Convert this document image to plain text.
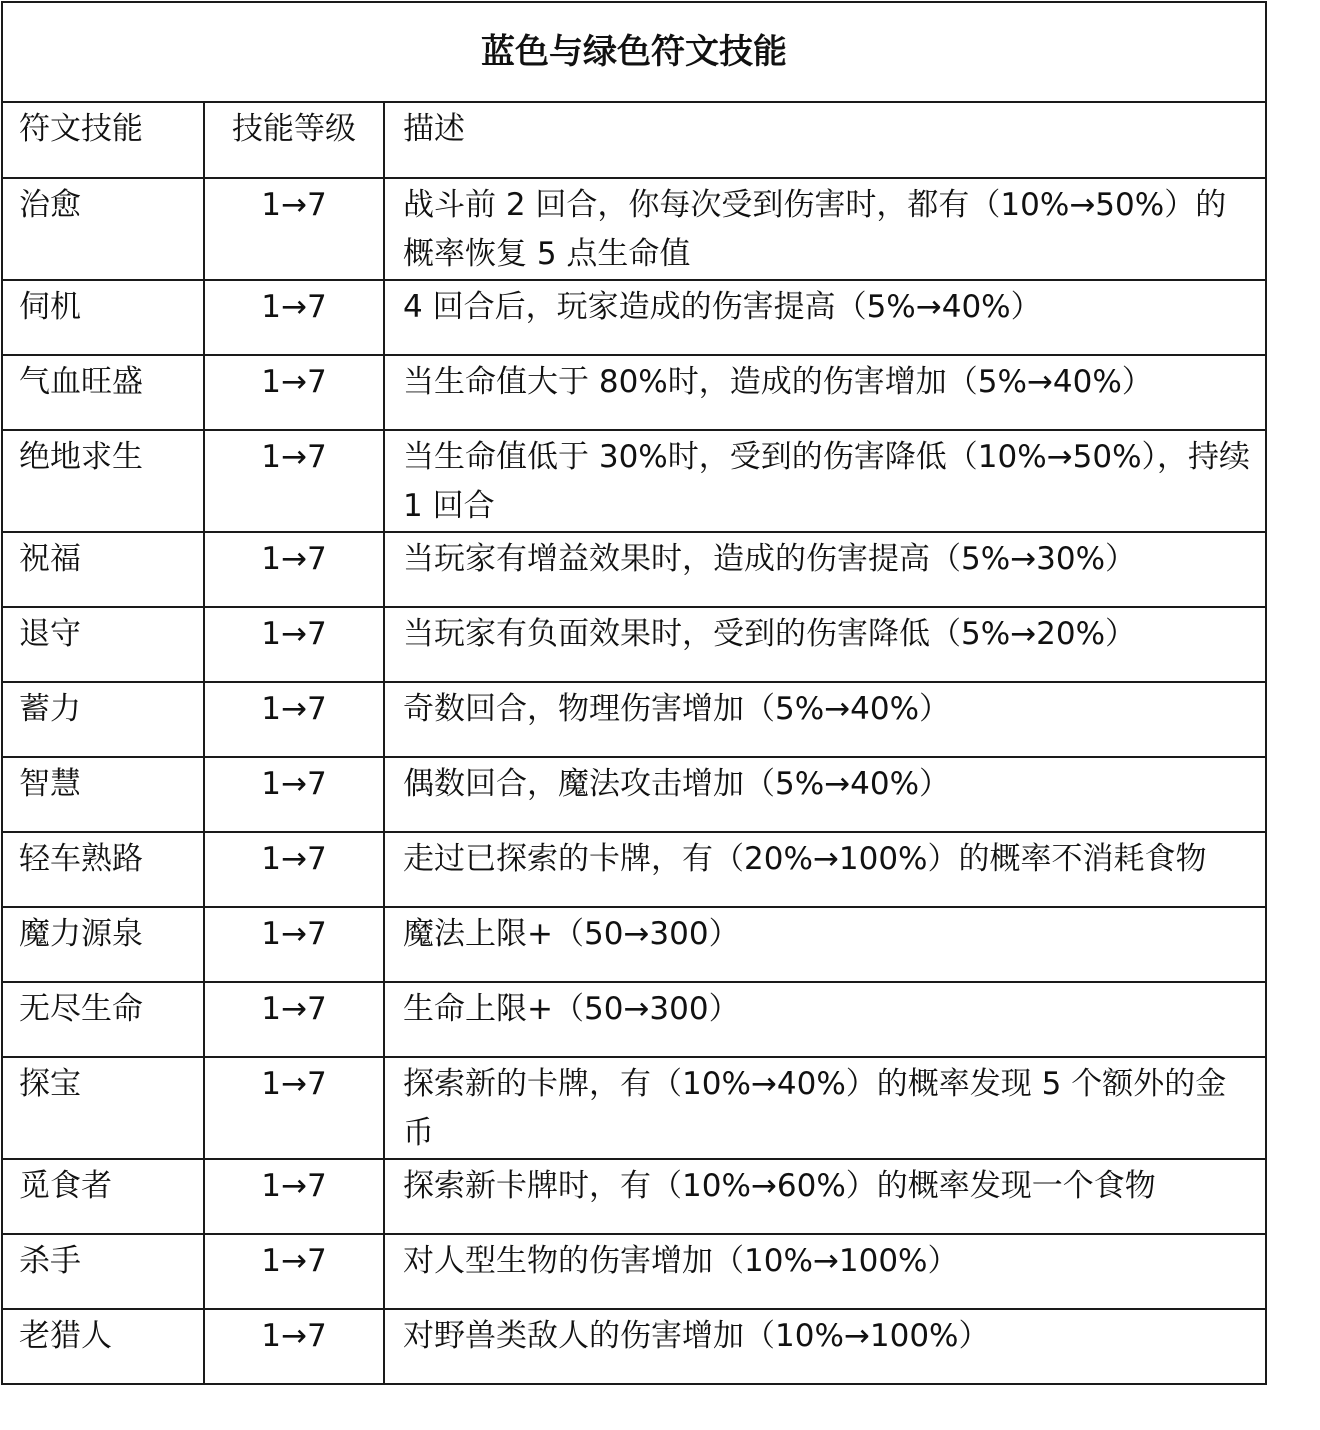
蓝色与绿色符文技能		

符文技能	技能等级	描述

治愈	1→7	战斗前 2 回合，你每次受到伤害时，都有（10%→50%）的概率恢复 5 点生命值

伺机	1→7	4 回合后，玩家造成的伤害提高（5%→40%）

气血旺盛	1→7	当生命值大于 80%时，造成的伤害增加（5%→40%）

绝地求生	1→7	当生命值低于 30%时，受到的伤害降低（10%→50%），持续 1 回合

祝福	1→7	当玩家有增益效果时，造成的伤害提高（5%→30%）

退守	1→7	当玩家有负面效果时，受到的伤害降低（5%→20%）

蓄力	1→7	奇数回合，物理伤害增加（5%→40%）

智慧	1→7	偶数回合，魔法攻击增加（5%→40%）

轻车熟路	1→7	走过已探索的卡牌，有（20%→100%）的概率不消耗食物

魔力源泉	1→7	魔法上限+（50→300）

无尽生命	1→7	生命上限+（50→300）

探宝	1→7	探索新的卡牌，有（10%→40%）的概率发现 5 个额外的金币

觅食者	1→7	探索新卡牌时，有（10%→60%）的概率发现一个食物

杀手	1→7	对人型生物的伤害增加（10%→100%）

老猎人	1→7	对野兽类敌人的伤害增加（10%→100%）
